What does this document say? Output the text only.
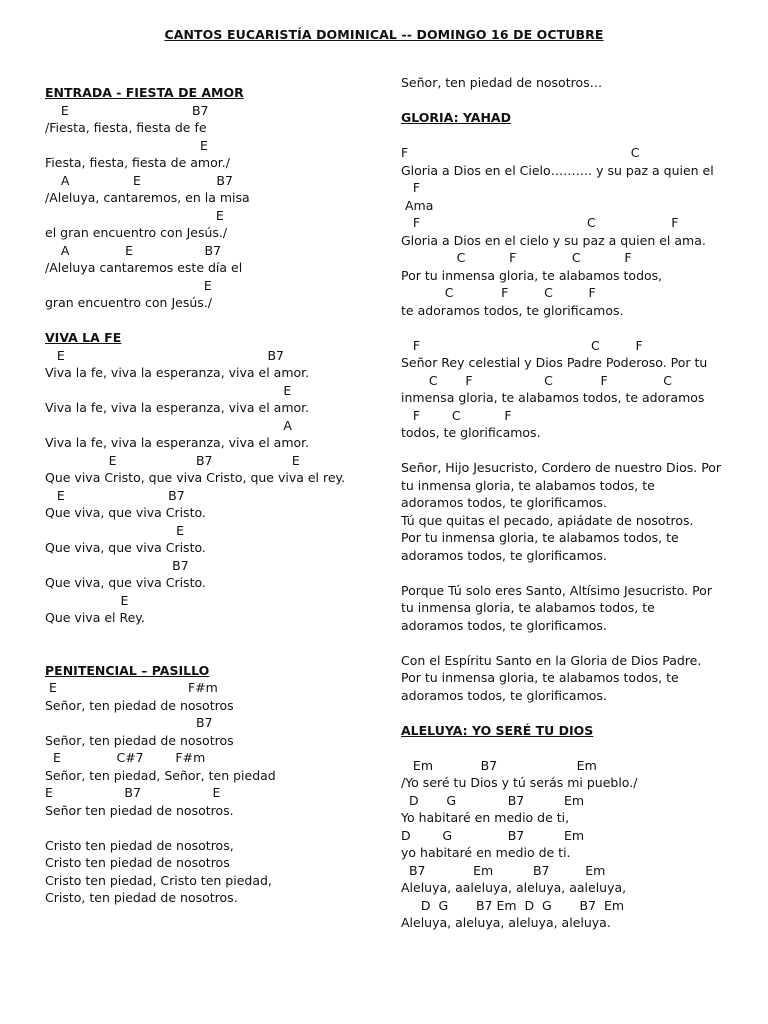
CANTOS EUCARISTÍA DOMINICAL -- DOMINGO 16 DE OCTUBRE
ENTRADA - FIESTA DE AMOR
E                               B7
/Fiesta, fiesta, fiesta de fe
E
Fiesta, fiesta, fiesta de amor./
A                E                   B7
/Aleluya, cantaremos, en la misa
E
el gran encuentro con Jesús./
A              E                  B7
/Aleluya cantaremos este día el
E
gran encuentro con Jesús./
VIVA LA FE
E                                                   B7
Viva la fe, viva la esperanza, viva el amor.
E
Viva la fe, viva la esperanza, viva el amor.
A
Viva la fe, viva la esperanza, viva el amor.
E                    B7                    E
Que viva Cristo, que viva Cristo, que viva el rey.
E                          B7
Que viva, que viva Cristo.
E
Que viva, que viva Cristo.
B7
Que viva, que viva Cristo.
E
Que viva el Rey.
PENITENCIAL – PASILLO
E                                 F#m
Señor, ten piedad de nosotros
B7
Señor, ten piedad de nosotros
E              C#7        F#m
Señor, ten piedad, Señor, ten piedad
E                  B7                  E
Señor ten piedad de nosotros.
Cristo ten piedad de nosotros,
Cristo ten piedad de nosotros
Cristo ten piedad, Cristo ten piedad,
Cristo, ten piedad de nosotros.
Señor, ten piedad de nosotros…
GLORIA: YAHAD
F                                                        C
Gloria a Dios en el Cielo………. y su paz a quien el
F
Ama
F                                          C                   F
Gloria a Dios en el cielo y su paz a quien el ama.
C           F              C           F
Por tu inmensa gloria, te alabamos todos,
C            F         C         F
te adoramos todos, te glorificamos.
F                                           C         F
Señor Rey celestial y Dios Padre Poderoso. Por tu
C       F                  C            F              C
inmensa gloria, te alabamos todos, te adoramos
F        C           F
todos, te glorificamos.
Señor, Hijo Jesucristo, Cordero de nuestro Dios. Por
tu inmensa gloria, te alabamos todos, te
adoramos todos, te glorificamos.
Tú que quitas el pecado, apiádate de nosotros.
Por tu inmensa gloria, te alabamos todos, te
adoramos todos, te glorificamos.
Porque Tú solo eres Santo, Altísimo Jesucristo. Por
tu inmensa gloria, te alabamos todos, te
adoramos todos, te glorificamos.
Con el Espíritu Santo en la Gloria de Dios Padre.
Por tu inmensa gloria, te alabamos todos, te
adoramos todos, te glorificamos.
ALELUYA: YO SERÉ TU DIOS
Em            B7                    Em
/Yo seré tu Dios y tú serás mi pueblo./
D       G             B7          Em
Yo habitaré en medio de ti,
D        G              B7          Em
yo habitaré en medio de ti.
B7            Em          B7         Em
Aleluya, aaleluya, aleluya, aaleluya,
D  G       B7 Em  D  G       B7  Em
Aleluya, aleluya, aleluya, aleluya.
